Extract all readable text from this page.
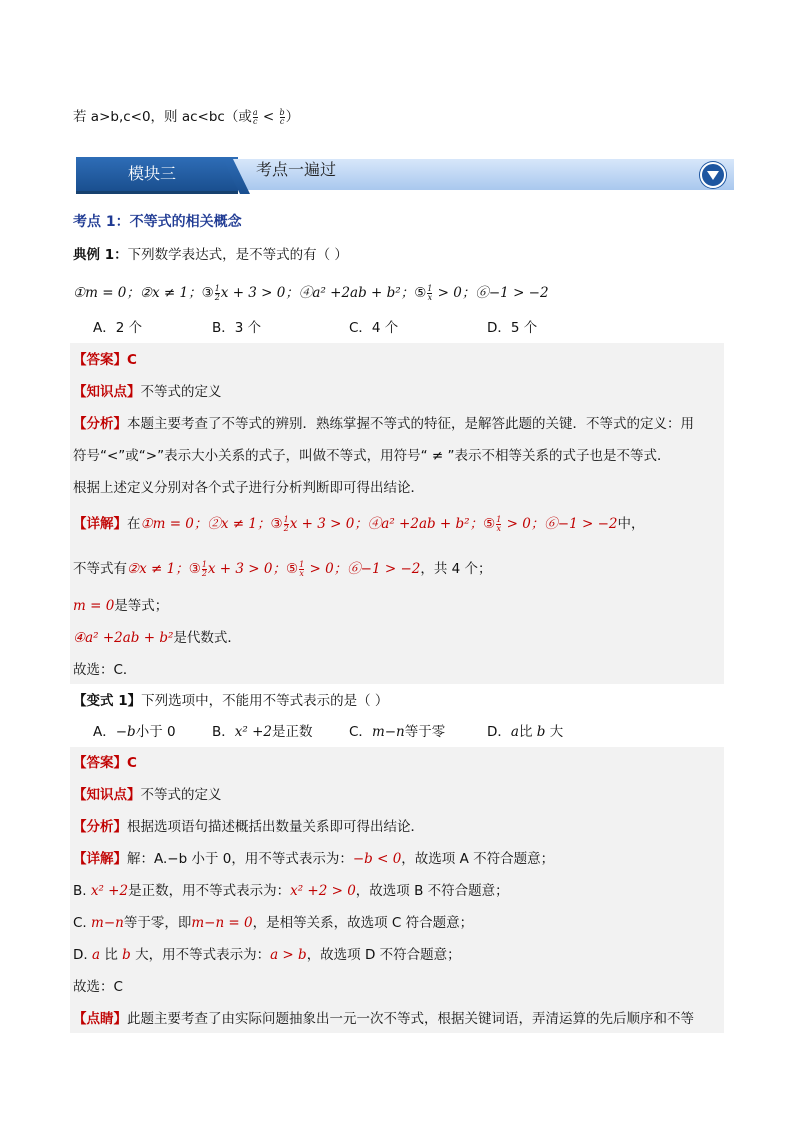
若 a>b,c<0，则 ac<bc（或 $\frac{a}{c} < \frac{b}{c}$ ）
模块三	考点一遍过
考点 1：不等式的相关概念
典例 1：下列数学表达式，是不等式的有（ ）
①m = 0；②x ≠ 1；③ $\frac{1}{2}$ x + 3 > 0；④a² +2ab + b²；⑤ $\frac{1}{x} > 0$；⑥−1 > −2
A．2 个	B．3 个	C．4 个	D．5 个
【答案】C
【知识点】不等式的定义
【分析】本题主要考查了不等式的辨别．熟练掌握不等式的特征，是解答此题的关键．不等式的定义：用
符号“<”或“>”表示大小关系的式子，叫做不等式，用符号“ ≠ ”表示不相等关系的式子也是不等式．
根据上述定义分别对各个式子进行分析判断即可得出结论．
【详解】在①m = 0；②x ≠ 1；③ $\frac{1}{2}$ x + 3 > 0；④a² +2ab + b²；⑤ $\frac{1}{x} > 0$；⑥−1 > −2中，
不等式有②x ≠ 1；③ $\frac{1}{2}$ x + 3 > 0；⑤ $\frac{1}{x} > 0$；⑥−1 > −2，共 4 个；
m = 0是等式；
④a² +2ab + b²是代数式．
故选：C．
【变式 1】下列选项中，不能用不等式表示的是（ ）
A．−b小于 0	B．x² +2是正数	C．m−n等于零	D．a比 b 大
【答案】C
【知识点】不等式的定义
【分析】根据选项语句描述概括出数量关系即可得出结论．
【详解】解：A.−b 小于 0，用不等式表示为：−b < 0，故选项 A 不符合题意；
B. x² +2是正数，用不等式表示为：x² +2 > 0，故选项 B 不符合题意；
C. m−n等于零，即m−n = 0，是相等关系，故选项 C 符合题意；
D. a 比 b 大，用不等式表示为：a > b，故选项 D 不符合题意；
故选：C
【点睛】此题主要考查了由实际问题抽象出一元一次不等式，根据关键词语，弄清运算的先后顺序和不等
